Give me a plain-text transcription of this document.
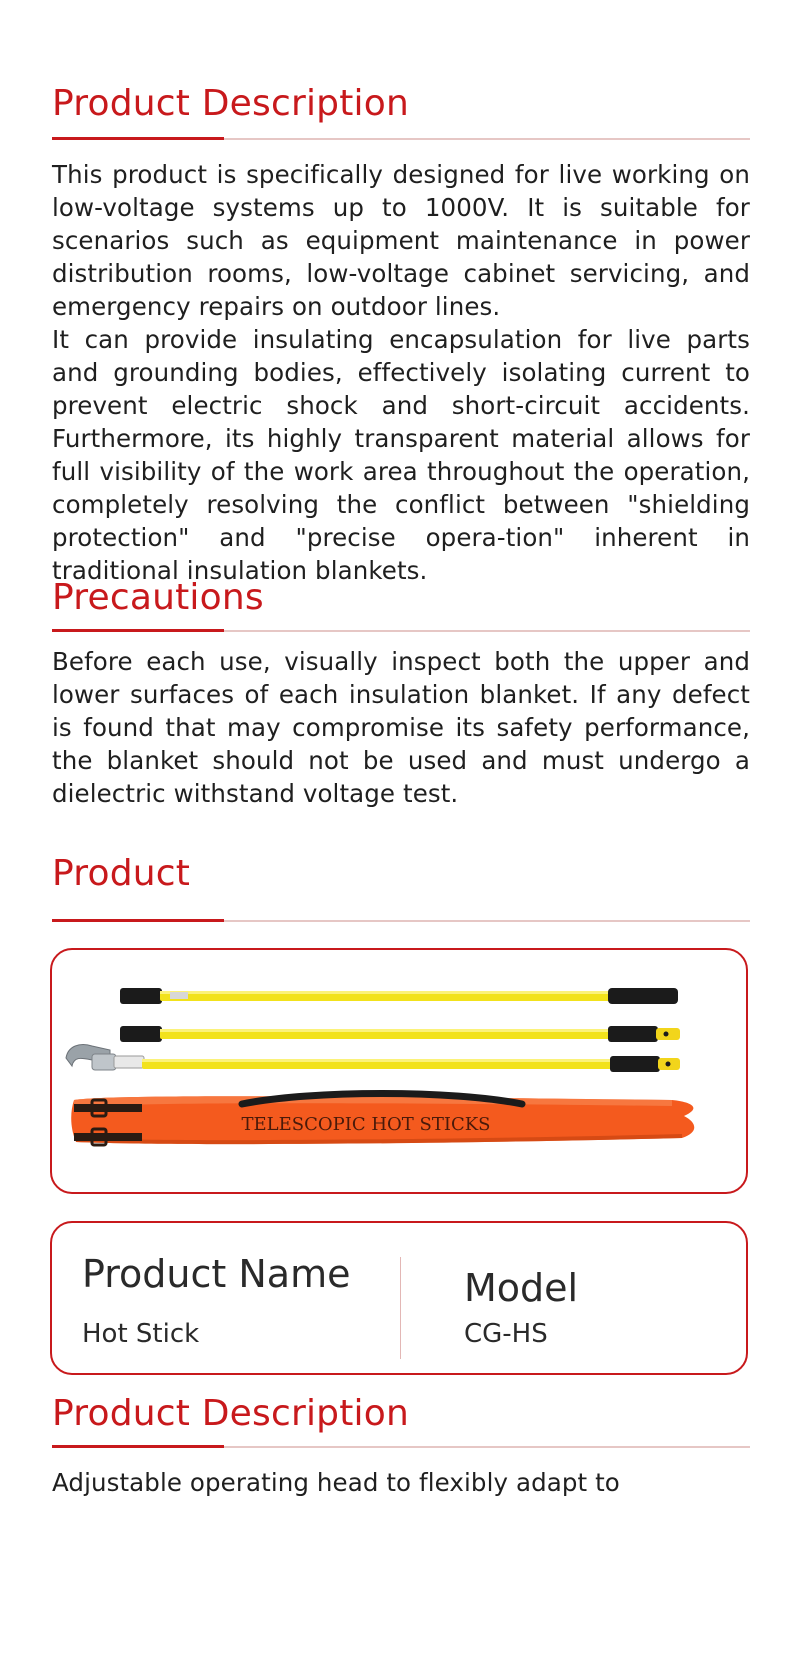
Product Description

This product is specifically designed for live working on low-voltage systems up to 1000V. It is suitable for scenarios such as equipment maintenance in power distribution rooms, low-voltage cabinet servicing, and emergency repairs on outdoor lines.

It can provide insulating encapsulation for live parts and grounding bodies, effectively isolating current to prevent electric shock and short-circuit accidents. Furthermore, its highly transparent material allows for full visibility of the work area throughout the operation, completely resolving the conflict between "shielding protection" and "precise opera-tion" inherent in traditional insulation blankets.

Precautions

Before each use, visually inspect both the upper and lower surfaces of each insulation blanket. If any defect is found that may compromise its safety performance, the blanket should not be used and must undergo a dielectric withstand voltage test.

Product
TELESCOPIC HOT STICKS

Product Name

Hot Stick

Model

CG-HS

Product Description

Adjustable operating head to flexibly adapt to
